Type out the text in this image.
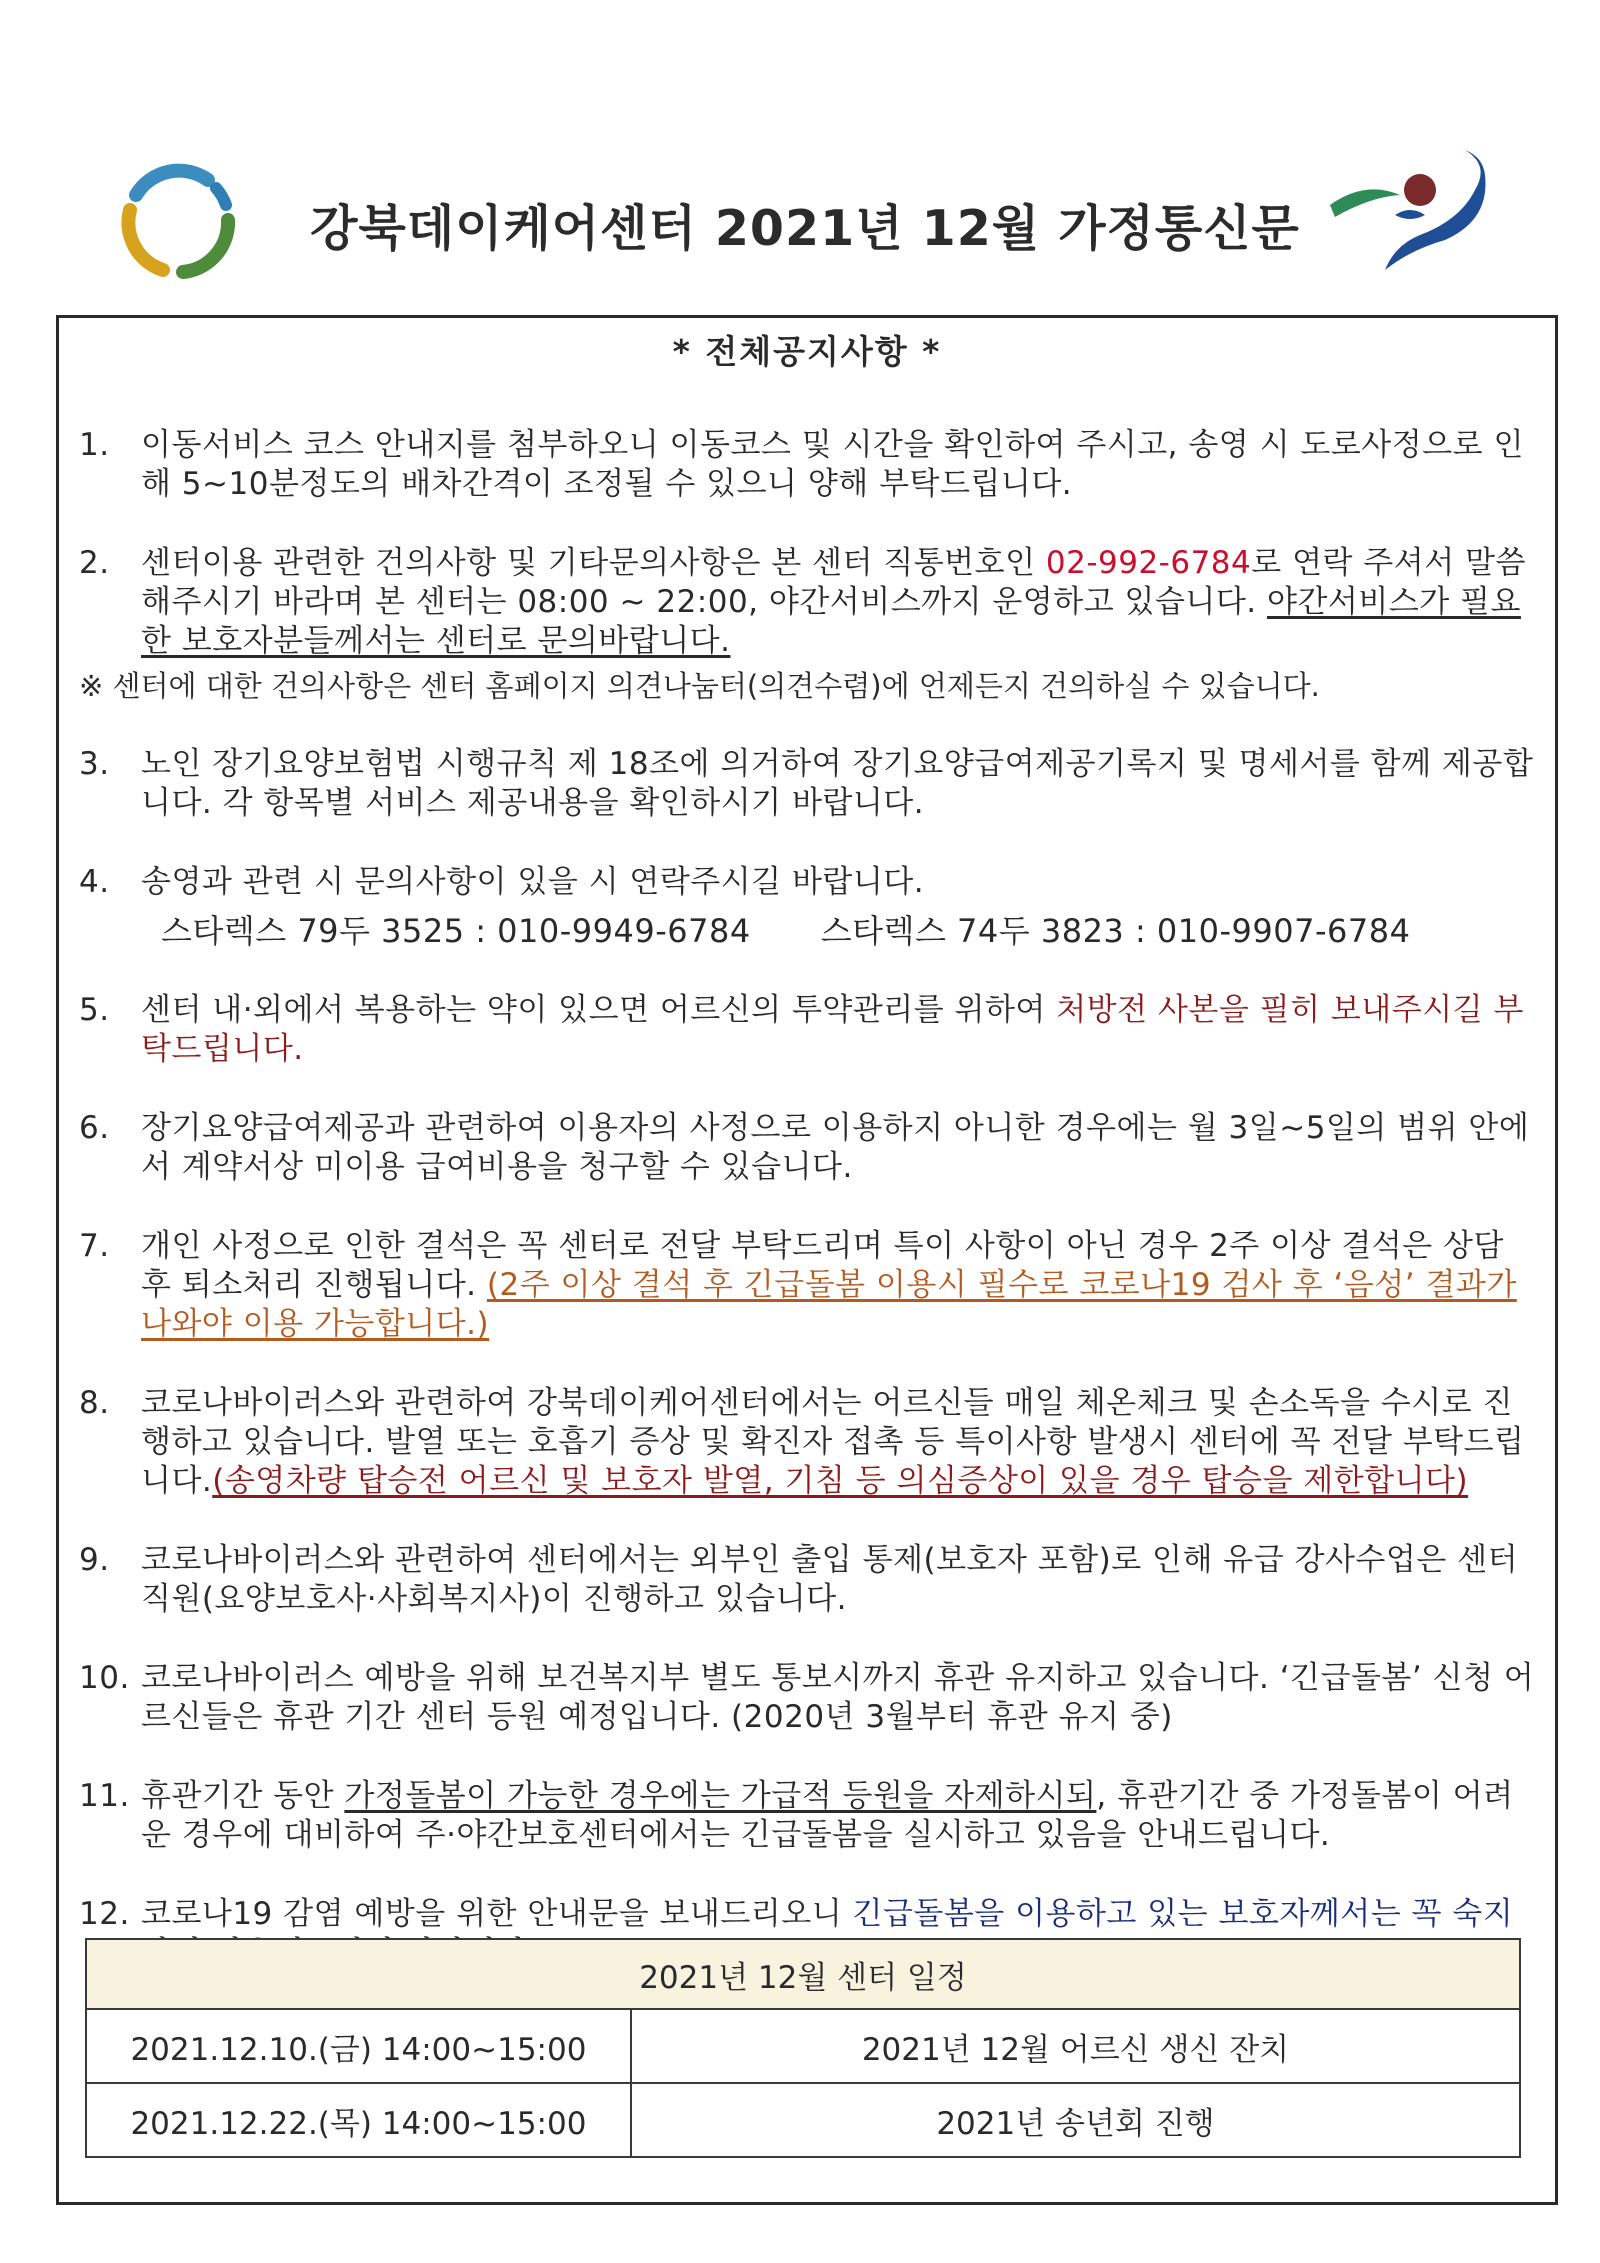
강북데이케어센터 2021년 12월 가정통신문
* 전체공지사항 *
1. 이동서비스 코스 안내지를 첨부하오니 이동코스 및 시간을 확인하여 주시고, 송영 시 도로사정으로 인해 5~10분정도의 배차간격이 조정될 수 있으니 양해 부탁드립니다.
2. 센터이용 관련한 건의사항 및 기타문의사항은 본 센터 직통번호인 02-992-6784로 연락 주셔서 말씀해주시기 바라며 본 센터는 08:00 ~ 22:00, 야간서비스까지 운영하고 있습니다. 야간서비스가 필요한 보호자분들께서는 센터로 문의바랍니다.
※ 센터에 대한 건의사항은 센터 홈페이지 의견나눔터(의견수렴)에 언제든지 건의하실 수 있습니다.
3. 노인 장기요양보험법 시행규칙 제 18조에 의거하여 장기요양급여제공기록지 및 명세서를 함께 제공합니다. 각 항목별 서비스 제공내용을 확인하시기 바랍니다.
4. 송영과 관련 시 문의사항이 있을 시 연락주시길 바랍니다.
스타렉스 79두 3525 : 010-9949-6784 스타렉스 74두 3823 : 010-9907-6784
5. 센터 내·외에서 복용하는 약이 있으면 어르신의 투약관리를 위하여 처방전 사본을 필히 보내주시길 부탁드립니다.
6. 장기요양급여제공과 관련하여 이용자의 사정으로 이용하지 아니한 경우에는 월 3일~5일의 범위 안에서 계약서상 미이용 급여비용을 청구할 수 있습니다.
7. 개인 사정으로 인한 결석은 꼭 센터로 전달 부탁드리며 특이 사항이 아닌 경우 2주 이상 결석은 상담 후 퇴소처리 진행됩니다. (2주 이상 결석 후 긴급돌봄 이용시 필수로 코로나19 검사 후 ‘음성’ 결과가 나와야 이용 가능합니다.)
8. 코로나바이러스와 관련하여 강북데이케어센터에서는 어르신들 매일 체온체크 및 손소독을 수시로 진행하고 있습니다. 발열 또는 호흡기 증상 및 확진자 접촉 등 특이사항 발생시 센터에 꼭 전달 부탁드립니다.(송영차량 탑승전 어르신 및 보호자 발열, 기침 등 의심증상이 있을 경우 탑승을 제한합니다)
9. 코로나바이러스와 관련하여 센터에서는 외부인 출입 통제(보호자 포함)로 인해 유급 강사수업은 센터 직원(요양보호사·사회복지사)이 진행하고 있습니다.
10. 코로나바이러스 예방을 위해 보건복지부 별도 통보시까지 휴관 유지하고 있습니다. ‘긴급돌봄’ 신청 어르신들은 휴관 기간 센터 등원 예정입니다. (2020년 3월부터 휴관 유지 중)
11. 휴관기간 동안 가정돌봄이 가능한 경우에는 가급적 등원을 자제하시되, 휴관기간 중 가정돌봄이 어려운 경우에 대비하여 주·야간보호센터에서는 긴급돌봄을 실시하고 있음을 안내드립니다.
12. 코로나19 감염 예방을 위한 안내문을 보내드리오니 긴급돌봄을 이용하고 있는 보호자께서는 꼭 숙지
2021년 12월 센터 일정	
2021.12.10.(금) 14:00~15:00	2021년 12월 어르신 생신 잔치
2021.12.22.(목) 14:00~15:00	2021년 송년회 진행
